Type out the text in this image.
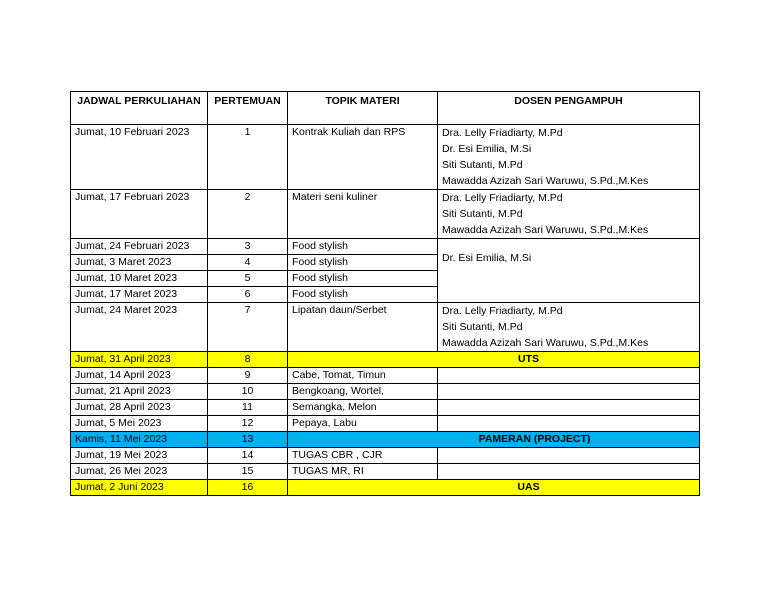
JADWAL PERKULIAHAN	PERTEMUAN	TOPIK MATERI	DOSEN PENGAMPUH
Jumat, 10 Februari 2023	1	Kontrak Kuliah dan RPS	Dra. Lelly Friadiarty, M.Pd
Dr. Esi Emilia, M.Si
Siti Sutanti, M.Pd
Mawadda Azizah Sari Waruwu, S.Pd.,M.Kes

Jumat, 17 Februari 2023	2	Materi seni kuliner	Dra. Lelly Friadiarty, M.Pd
Siti Sutanti, M.Pd
Mawadda Azizah Sari Waruwu, S.Pd.,M.Kes

Jumat, 24 Februari 2023	3	Food stylish	Dr. Esi Emilia, M.Si
Jumat, 3 Maret 2023	4	Food stylish	
Jumat, 10 Maret 2023	5	Food stylish	
Jumat, 17 Maret 2023	6	Food stylish	
Jumat, 24 Maret 2023	7	Lipatan daun/Serbet	Dra. Lelly Friadiarty, M.Pd
Siti Sutanti, M.Pd
Mawadda Azizah Sari Waruwu, S.Pd.,M.Kes

Jumat, 31 April 2023	8	UTS	
Jumat, 14 April 2023	9	Cabe, Tomat, Timun	
Jumat, 21 April 2023	10	Bengkoang, Wortel,	
Jumat, 28 April 2023	11	Semangka, Melon	
Jumat, 5 Mei 2023	12	Pepaya, Labu	
Kamis, 11 Mei 2023	13	PAMERAN (PROJECT)	
Jumat, 19 Mei 2023	14	TUGAS CBR , CJR	
Jumat, 26 Mei 2023	15	TUGAS MR, RI	
Jumat, 2 Juni 2023	16	UAS	
